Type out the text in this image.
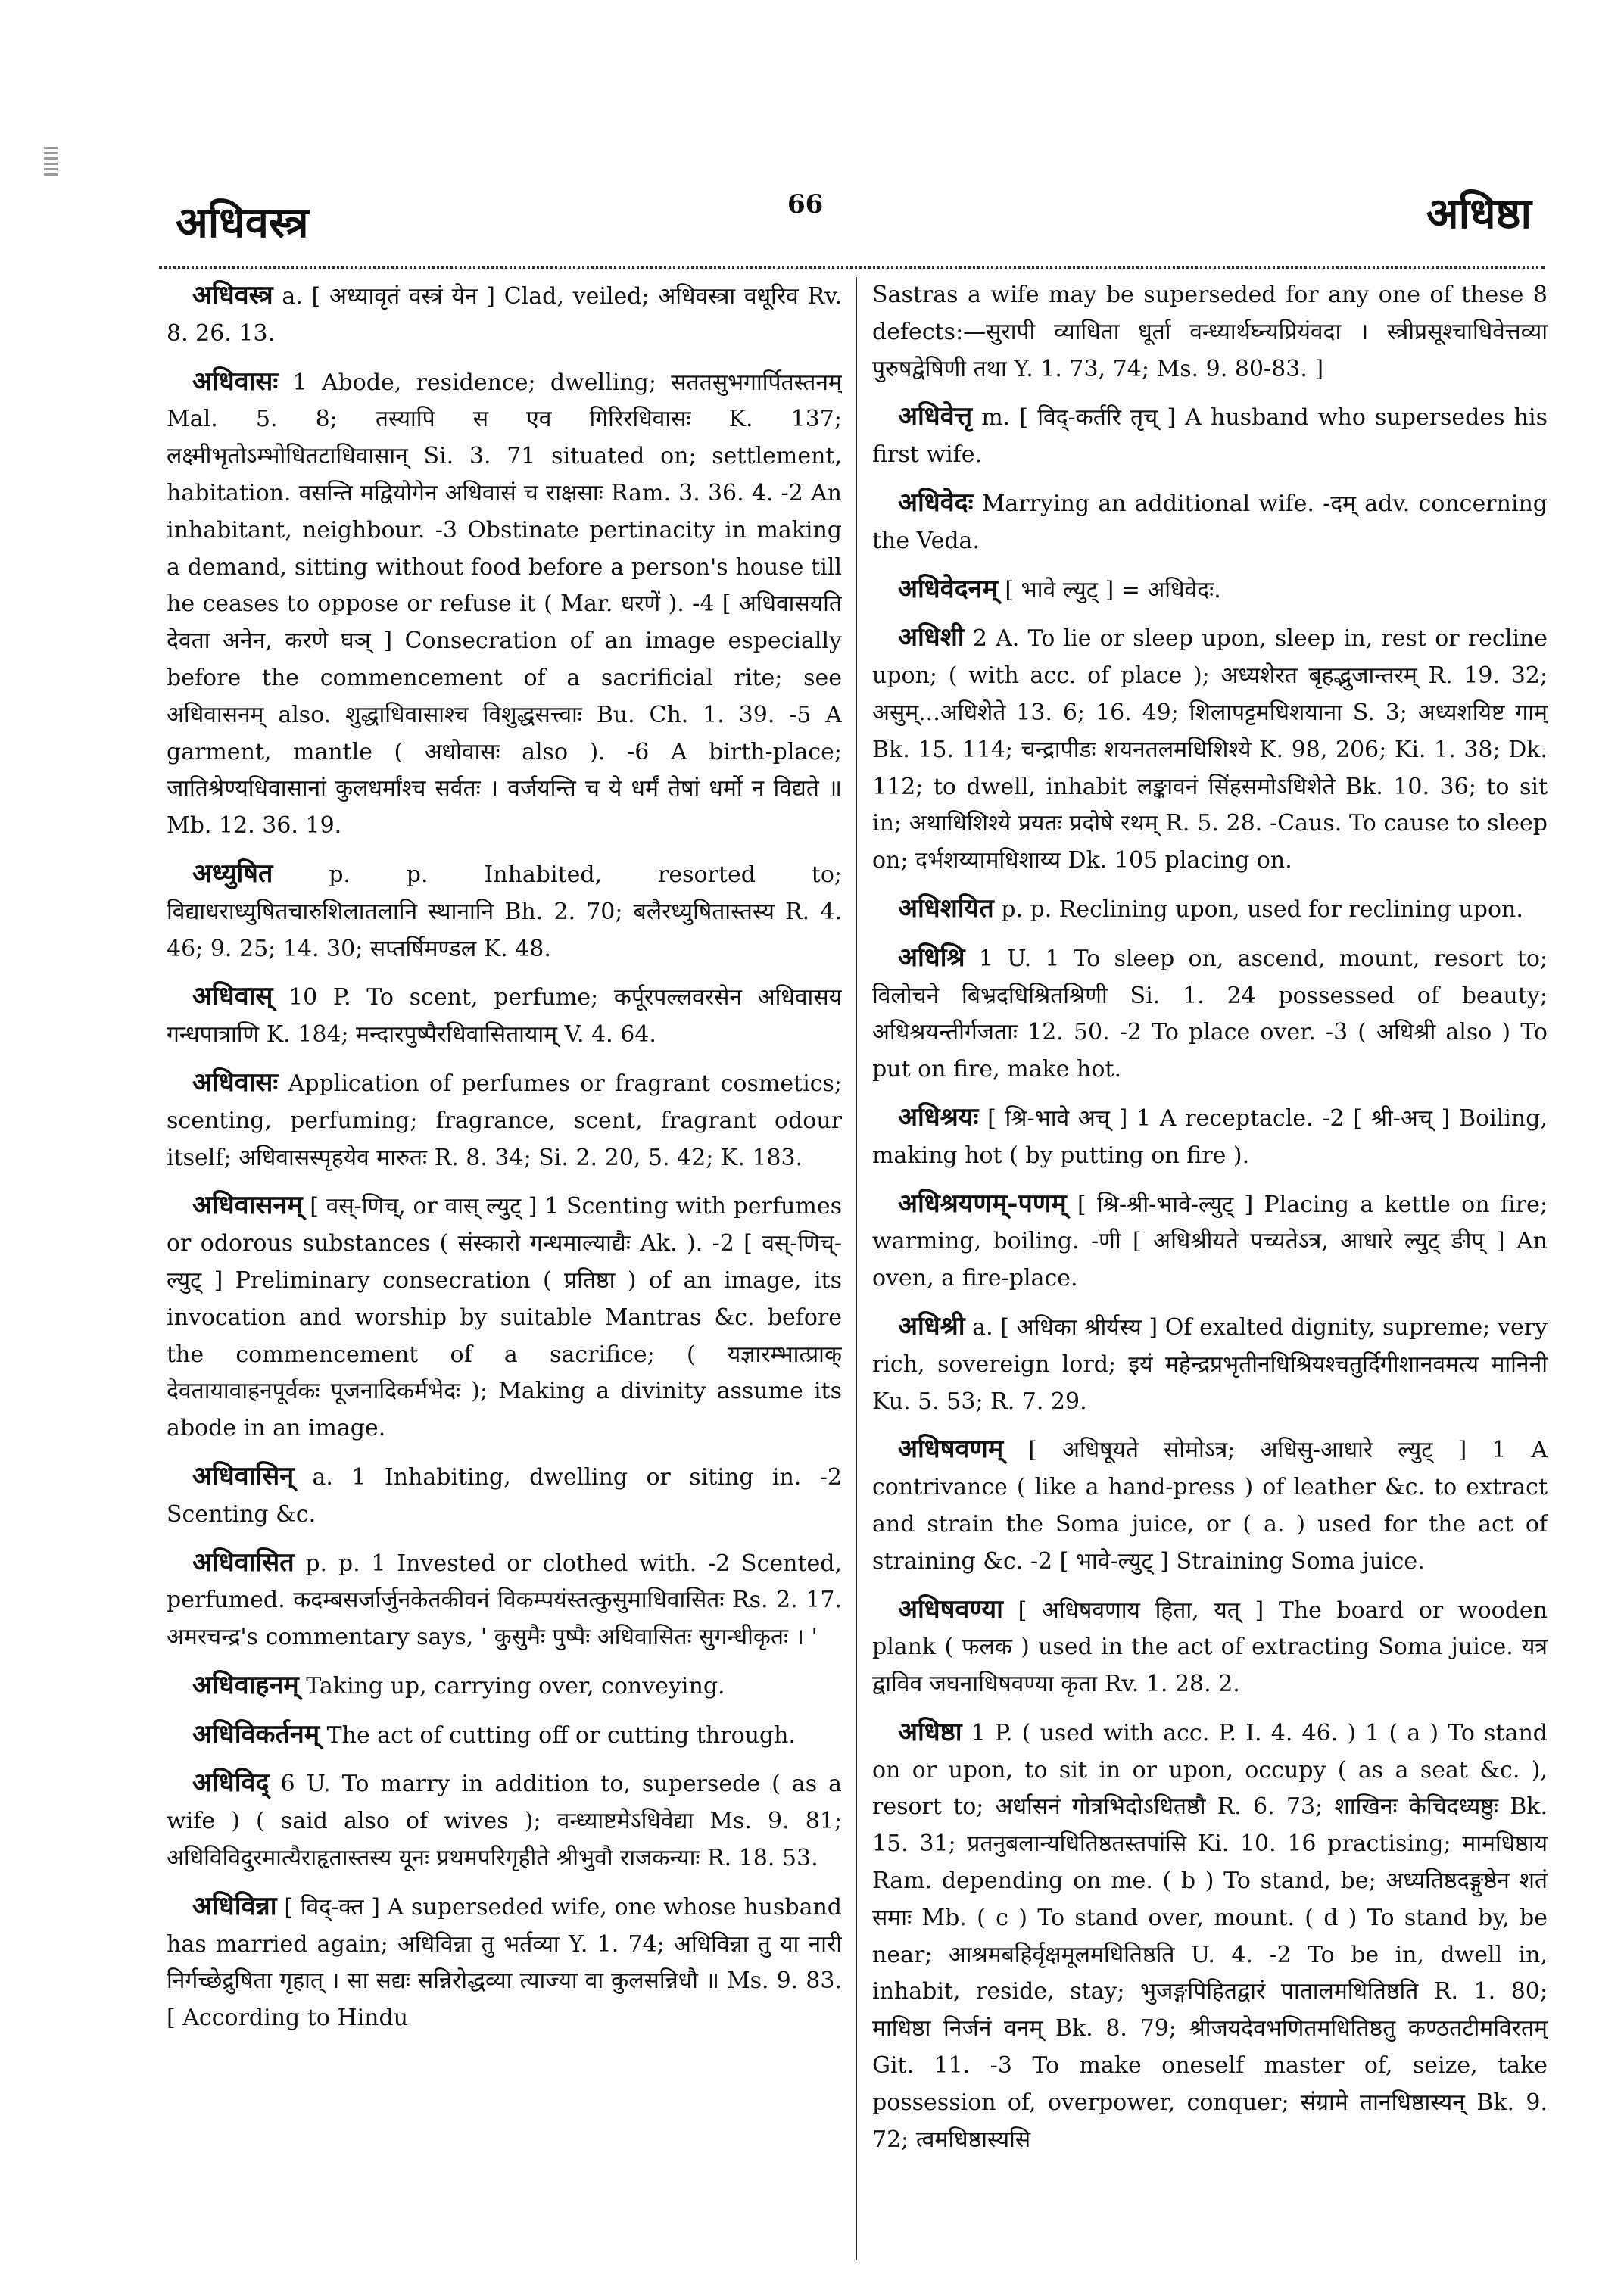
अधिवस्त्र	66	अधिष्ठा

अधिवस्त्र a. [ अध्यावृतं वस्त्रं येन ] Clad, veiled; अधिवस्त्रा वधूरिव Rv. 8. 26. 13.

अधिवासः 1 Abode, residence; dwelling; सततसुभगार्पितस्तनम् Mal. 5. 8; तस्यापि स एव गिरिरधिवासः K. 137; लक्ष्मीभृतोऽम्भोधितटाधिवासान् Si. 3. 71 situated on; settlement, habitation. वसन्ति मद्वियोगेन अधिवासं च राक्षसाः Ram. 3. 36. 4. -2 An inhabitant, neighbour. -3 Obstinate pertinacity in making a demand, sitting without food before a person's house till he ceases to oppose or refuse it ( Mar. धरणें ). -4 [ अधिवासयति देवता अनेन, करणे घञ् ] Consecration of an image especially before the commencement of a sacrificial rite; see अधिवासनम् also. शुद्धाधिवासाश्च विशुद्धसत्त्वाः Bu. Ch. 1. 39. -5 A garment, mantle ( अधोवासः also ). -6 A birth-place; जातिश्रेण्यधिवासानां कुलधर्मांश्च सर्वतः । वर्जयन्ति च ये धर्मं तेषां धर्मो न विद्यते ॥ Mb. 12. 36. 19.

अध्युषित p. p. Inhabited, resorted to; विद्याधराध्युषितचारुशिलातलानि स्थानानि Bh. 2. 70; बलैरध्युषितास्तस्य R. 4. 46; 9. 25; 14. 30; सप्तर्षिमण्डल K. 48.

अधिवास् 10 P. To scent, perfume; कर्पूरपल्लवरसेन अधिवासय गन्धपात्राणि K. 184; मन्दारपुष्पैरधिवासितायाम् V. 4. 64.

अधिवासः Application of perfumes or fragrant cosmetics; scenting, perfuming; fragrance, scent, fragrant odour itself; अधिवासस्पृहयेव मारुतः R. 8. 34; Si. 2. 20, 5. 42; K. 183.

अधिवासनम् [ वस्-णिच्, or वास् ल्युट् ] 1 Scenting with perfumes or odorous substances ( संस्कारो गन्धमाल्याद्यैः Ak. ). -2 [ वस्-णिच्-ल्युट् ] Preliminary consecration ( प्रतिष्ठा ) of an image, its invocation and worship by suitable Mantras &c. before the commencement of a sacrifice; ( यज्ञारम्भात्प्राक् देवतायावाहनपूर्वकः पूजनादिकर्मभेदः ); Making a divinity assume its abode in an image.

अधिवासिन् a. 1 Inhabiting, dwelling or siting in. -2 Scenting &c.

अधिवासित p. p. 1 Invested or clothed with. -2 Scented, perfumed. कदम्बसर्जार्जुनकेतकीवनं विकम्पयंस्तत्कुसुमाधिवासितः Rs. 2. 17. अमरचन्द्र's commentary says, ' कुसुमैः पुष्पैः अधिवासितः सुगन्धीकृतः । '

अधिवाहनम् Taking up, carrying over, conveying.

अधिविकर्तनम् The act of cutting off or cutting through.

अधिविद् 6 U. To marry in addition to, supersede ( as a wife ) ( said also of wives ); वन्ध्याष्टमेऽधिवेद्या Ms. 9. 81; अधिविविदुरमात्यैराहृतास्तस्य यूनः प्रथमपरिगृहीते श्रीभुवौ राजकन्याः R. 18. 53.

अधिविन्ना [ विद्-क्त ] A superseded wife, one whose husband has married again; अधिविन्ना तु भर्तव्या Y. 1. 74; अधिविन्ना तु या नारी निर्गच्छेद्रुषिता गृहात् । सा सद्यः सन्निरोद्धव्या त्याज्या वा कुलसन्निधौ ॥ Ms. 9. 83. [ According to Hindu

Sastras a wife may be superseded for any one of these 8 defects:—सुरापी व्याधिता धूर्ता वन्ध्यार्थघ्न्यप्रियंवदा । स्त्रीप्रसूश्चाधिवेत्तव्या पुरुषद्वेषिणी तथा Y. 1. 73, 74; Ms. 9. 80-83. ]

अधिवेत्तृ m. [ विद्-कर्तरि तृच् ] A husband who supersedes his first wife.

अधिवेदः Marrying an additional wife. -दम् adv. concerning the Veda.

अधिवेदनम् [ भावे ल्युट् ] = अधिवेदः.

अधिशी 2 A. To lie or sleep upon, sleep in, rest or recline upon; ( with acc. of place ); अध्यशेरत बृहद्भुजान्तरम् R. 19. 32; असुम्...अधिशेते 13. 6; 16. 49; शिलापट्टमधिशयाना S. 3; अध्यशयिष्ट गाम् Bk. 15. 114; चन्द्रापीडः शयनतलमधिशिश्ये K. 98, 206; Ki. 1. 38; Dk. 112; to dwell, inhabit लङ्कावनं सिंहसमोऽधिशेते Bk. 10. 36; to sit in; अथाधिशिश्ये प्रयतः प्रदोषे रथम् R. 5. 28. -Caus. To cause to sleep on; दर्भशय्यामधिशाय्य Dk. 105 placing on.

अधिशयित p. p. Reclining upon, used for reclining upon.

अधिश्रि 1 U. 1 To sleep on, ascend, mount, resort to; विलोचने बिभ्रदधिश्रितश्रिणी Si. 1. 24 possessed of beauty; अधिश्रयन्तीर्गजताः 12. 50. -2 To place over. -3 ( अधिश्री also ) To put on fire, make hot.

अधिश्रयः [ श्रि-भावे अच् ] 1 A receptacle. -2 [ श्री-अच् ] Boiling, making hot ( by putting on fire ).

अधिश्रयणम्-पणम् [ श्रि-श्री-भावे-ल्युट् ] Placing a kettle on fire; warming, boiling. -णी [ अधिश्रीयते पच्यतेऽत्र, आधारे ल्युट् ङीप् ] An oven, a fire-place.

अधिश्री a. [ अधिका श्रीर्यस्य ] Of exalted dignity, supreme; very rich, sovereign lord; इयं महेन्द्रप्रभृतीनधिश्रियश्चतुर्दिगीशानवमत्य मानिनी Ku. 5. 53; R. 7. 29.

अधिषवणम् [ अधिषूयते सोमोऽत्र; अधिसु-आधारे ल्युट् ] 1 A contrivance ( like a hand-press ) of leather &c. to extract and strain the Soma juice, or ( a. ) used for the act of straining &c. -2 [ भावे-ल्युट् ] Straining Soma juice.

अधिषवण्या [ अधिषवणाय हिता, यत् ] The board or wooden plank ( फलक ) used in the act of extracting Soma juice. यत्र द्वाविव जघनाधिषवण्या कृता Rv. 1. 28. 2.

अधिष्ठा 1 P. ( used with acc. P. I. 4. 46. ) 1 ( a ) To stand on or upon, to sit in or upon, occupy ( as a seat &c. ), resort to; अर्धासनं गोत्रभिदोऽधितष्ठौ R. 6. 73; शाखिनः केचिदध्यष्ठुः Bk. 15. 31; प्रतनुबलान्यधितिष्ठतस्तपांसि Ki. 10. 16 practising; मामधिष्ठाय Ram. depending on me. ( b ) To stand, be; अध्यतिष्ठदङ्गुष्ठेन शतं समाः Mb. ( c ) To stand over, mount. ( d ) To stand by, be near; आश्रमबहिर्वृक्षमूलमधितिष्ठति U. 4. -2 To be in, dwell in, inhabit, reside, stay; भुजङ्गपिहितद्वारं पातालमधितिष्ठति R. 1. 80; माधिष्ठा निर्जनं वनम् Bk. 8. 79; श्रीजयदेवभणितमधितिष्ठतु कण्ठतटीमविरतम् Git. 11. -3 To make oneself master of, seize, take possession of, overpower, conquer; संग्रामे तानधिष्ठास्यन् Bk. 9. 72; त्वमधिष्ठास्यसि
